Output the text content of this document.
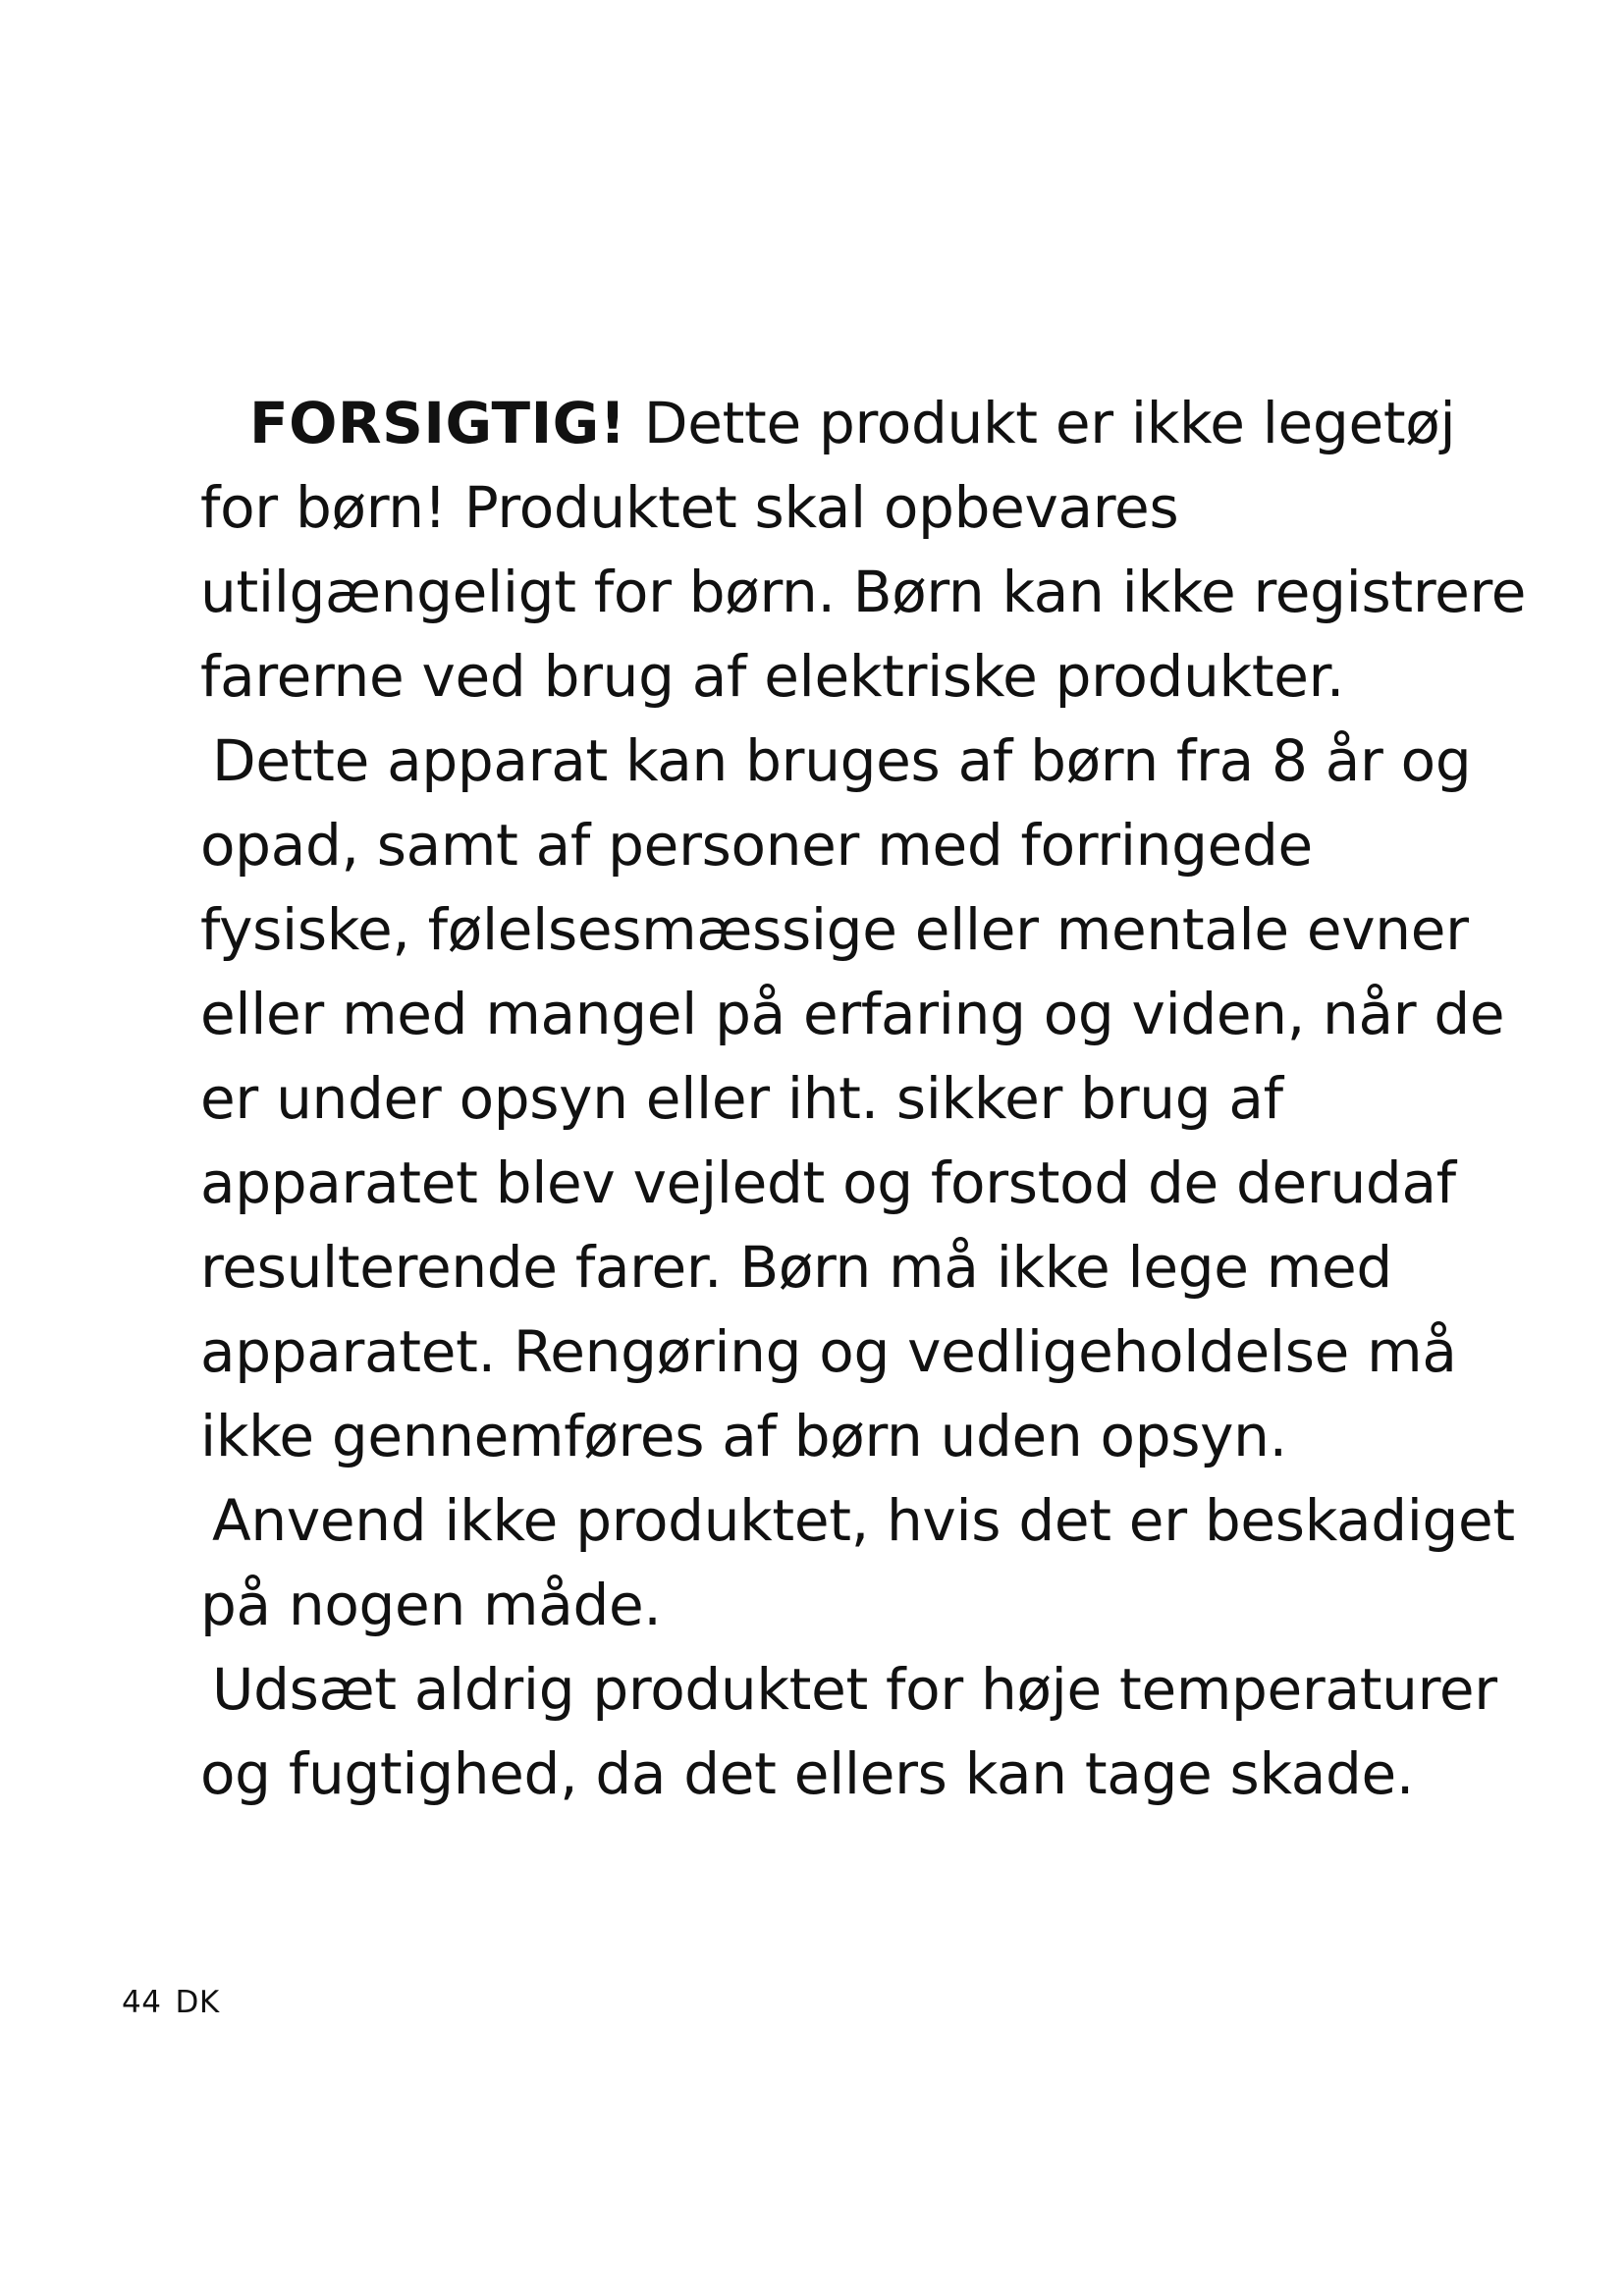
FORSIGTIG! Dette produkt er ikke legetøj for børn! Produktet skal opbevares utilgængeligt for børn. Børn kan ikke registrere farerne ved brug af elektriske produkter.

Dette apparat kan bruges af børn fra 8 år og opad, samt af personer med forringede fysiske, følelsesmæssige eller mentale evner eller med mangel på erfaring og viden, når de er under opsyn eller iht. sikker brug af apparatet blev vejledt og forstod de derudaf resulterende farer. Børn må ikke lege med apparatet. Rengøring og vedligeholdelse må ikke gennemføres af børn uden opsyn.

Anvend ikke produktet, hvis det er beskadiget på nogen måde.

Udsæt aldrig produktet for høje temperaturer og fugtighed, da det ellers kan tage skade.

44 DK
